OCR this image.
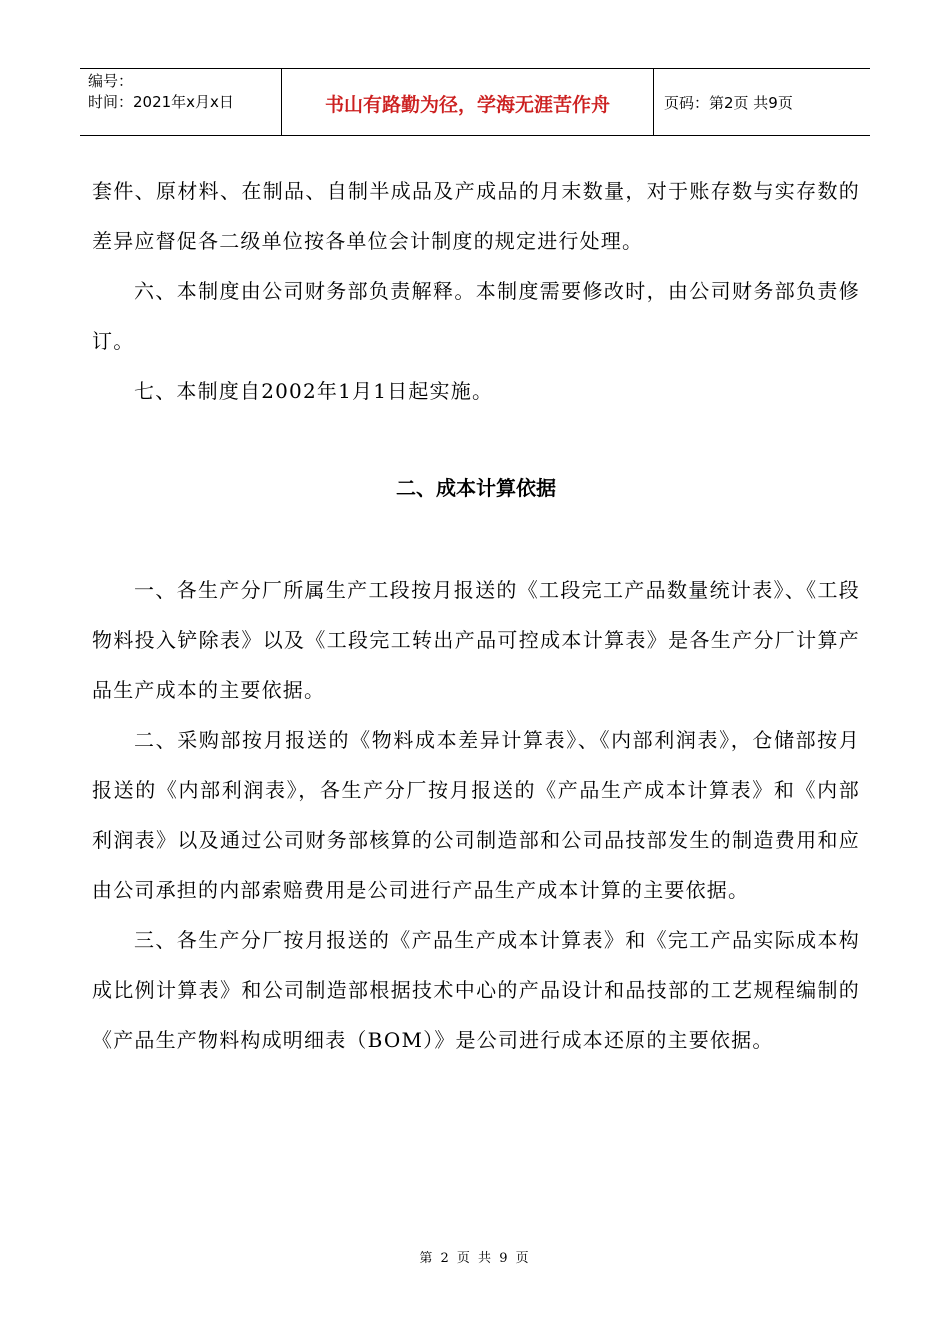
编号：
时间：2021年x月x日	书山有路勤为径，学海无涯苦作舟	页码：第2页 共9页

套件、原材料、在制品、自制半成品及产成品的月末数量，对于账存数与实存数的差异应督促各二级单位按各单位会计制度的规定进行处理。

六、本制度由公司财务部负责解释。本制度需要修改时，由公司财务部负责修订。

七、本制度自2002年1月1日起实施。

二、成本计算依据

一、各生产分厂所属生产工段按月报送的《工段完工产品数量统计表》、《工段物料投入铲除表》以及《工段完工转出产品可控成本计算表》是各生产分厂计算产品生产成本的主要依据。

二、采购部按月报送的《物料成本差异计算表》、《内部利润表》，仓储部按月报送的《内部利润表》，各生产分厂按月报送的《产品生产成本计算表》和《内部利润表》以及通过公司财务部核算的公司制造部和公司品技部发生的制造费用和应由公司承担的内部索赔费用是公司进行产品生产成本计算的主要依据。

三、各生产分厂按月报送的《产品生产成本计算表》和《完工产品实际成本构成比例计算表》和公司制造部根据技术中心的产品设计和品技部的工艺规程编制的《产品生产物料构成明细表（BOM）》是公司进行成本还原的主要依据。

第 2 页 共 9 页
